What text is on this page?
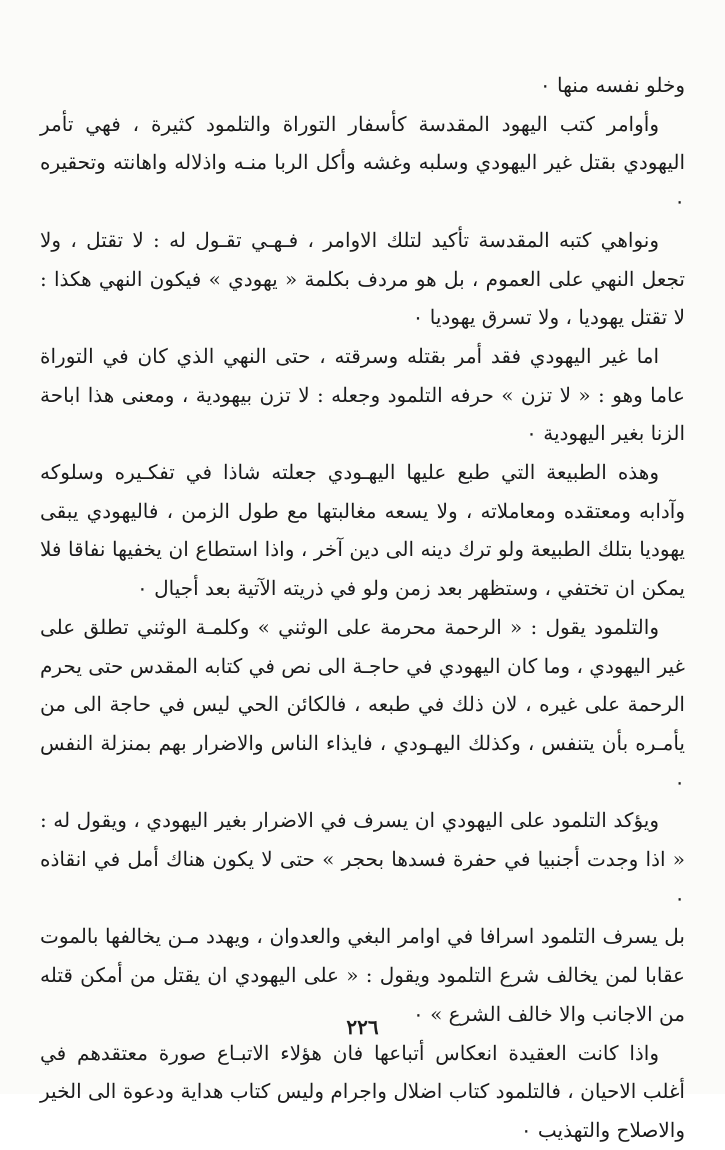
وخلو نفسه منها ٠

وأوامر كتب اليهود المقدسة كأسفار التوراة والتلمود كثيرة ، فهي تأمر اليهودي بقتل غير اليهودي وسلبه وغشه وأكل الربا منـه واذلاله واهانته وتحقيره ٠

ونواهي كتبه المقدسة تأكيد لتلك الاوامر ، فـهـي تقـول له : لا تقتل ، ولا تجعل النهي على العموم ، بل هو مردف بكلمة « يهودي » فيكون النهي هكذا : لا تقتل يهوديا ، ولا تسرق يهوديا ٠

اما غير اليهودي فقد أمر بقتله وسرقته ، حتى النهي الذي كان في التوراة عاما وهو : « لا تزن » حرفه التلمود وجعله : لا تزن بيهودية ، ومعنى هذا اباحة الزنا بغير اليهودية ٠

وهذه الطبيعة التي طبع عليها اليهـودي جعلته شاذا في تفكـيره وسلوكه وآدابه ومعتقده ومعاملاته ، ولا يسعه مغالبتها مع طول الزمن ، فاليهودي يبقى يهوديا بتلك الطبيعة ولو ترك دينه الى دين آخر ، واذا استطاع ان يخفيها نفاقا فلا يمكن ان تختفي ، وستظهر بعد زمن ولو في ذريته الآتية بعد أجيال ٠

والتلمود يقول : « الرحمة محرمة على الوثني » وكلمـة الوثني تطلق على غير اليهودي ، وما كان اليهودي في حاجـة الى نص في كتابه المقدس حتى يحرم الرحمة على غيره ، لان ذلك في طبعه ، فالكائن الحي ليس في حاجة الى من يأمـره بأن يتنفس ، وكذلك اليهـودي ، فايذاء الناس والاضرار بهم بمنزلة النفس ٠

ويؤكد التلمود على اليهودي ان يسرف في الاضرار بغير اليهودي ، ويقول له : « اذا وجدت أجنبيا في حفرة فسدها بحجر » حتى لا يكون هناك أمل في انقاذه ٠

بل يسرف التلمود اسرافا في اوامر البغي والعدوان ، ويهدد مـن يخالفها بالموت عقابا لمن يخالف شرع التلمود ويقول : « على اليهودي ان يقتل من أمكن قتله من الاجانب والا خالف الشرع » ٠

واذا كانت العقيدة انعكاس أتباعها فان هؤلاء الاتبـاع صورة معتقدهم في أغلب الاحيان ، فالتلمود كتاب اضلال واجرام وليس كتاب هداية ودعوة الى الخير والاصلاح والتهذيب ٠

٢٢٦
